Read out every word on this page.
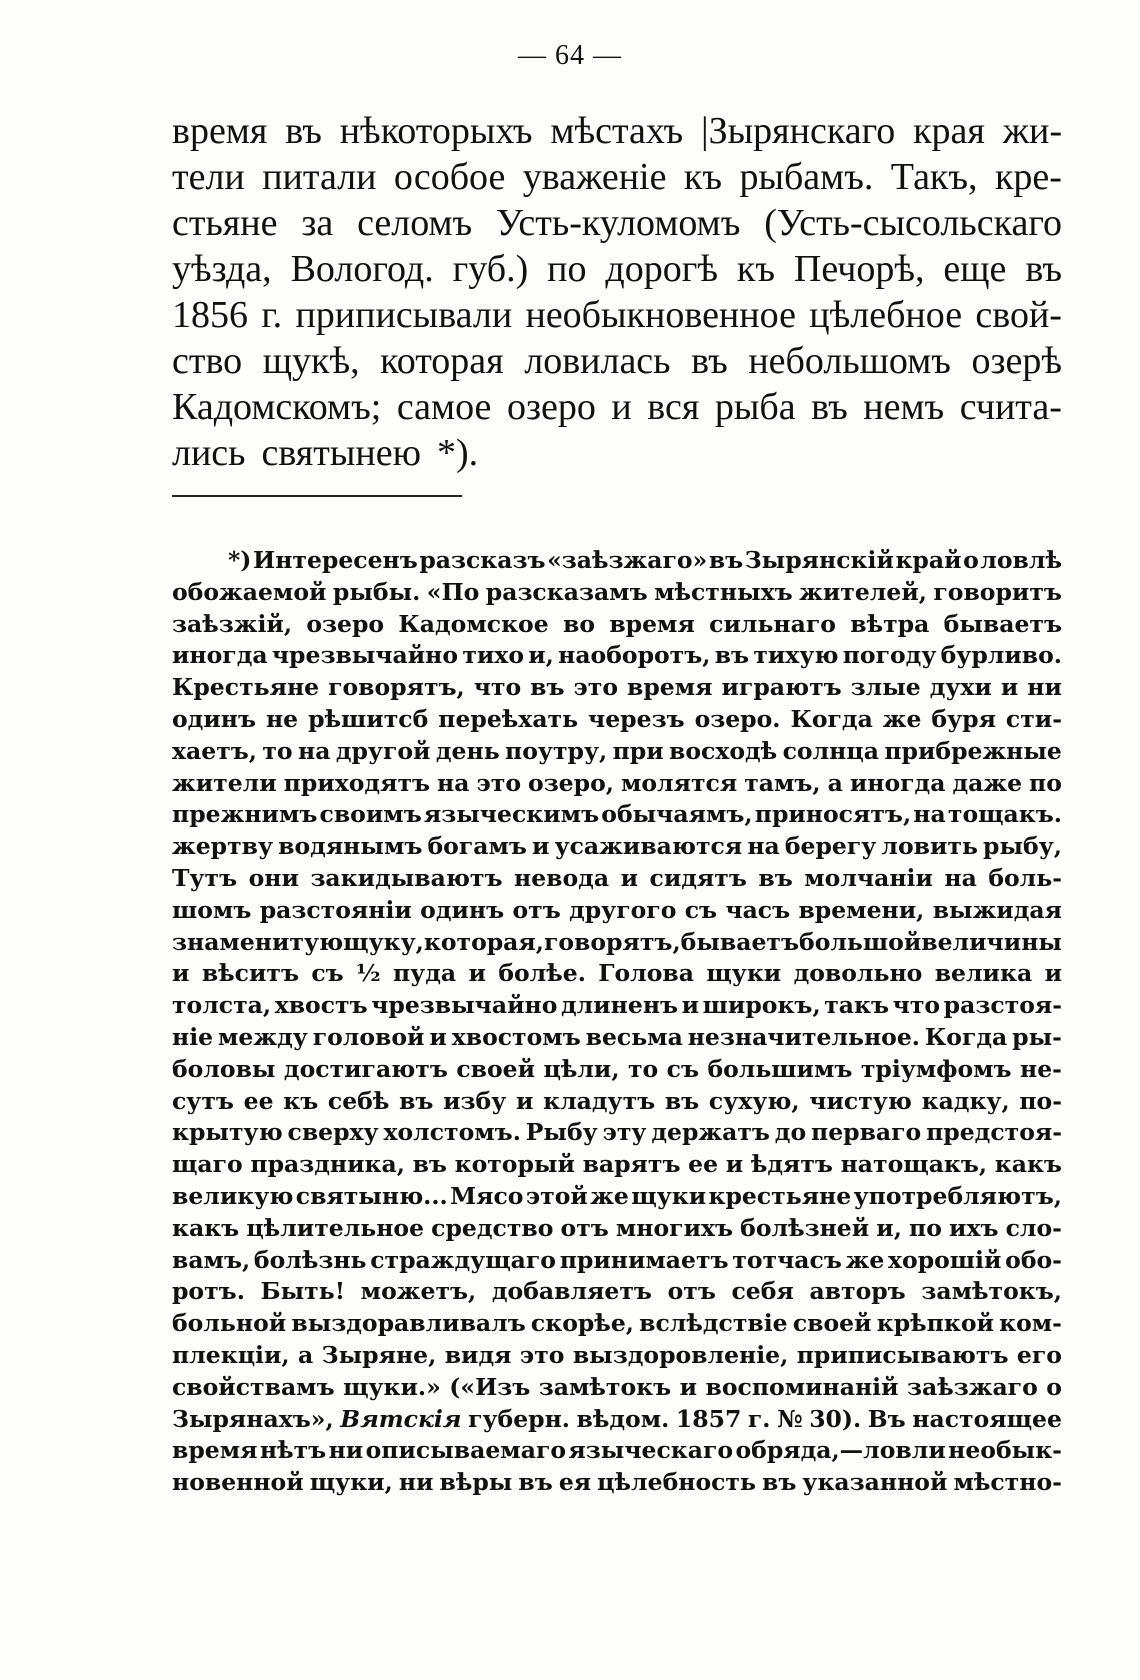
— 64 —
время въ нѣкоторыхъ мѣстахъ |Зырянскаго края жи-
тели питали особое уваженіе къ рыбамъ. Такъ, кре-
стьяне за селомъ Усть-куломомъ (Усть-сысольскаго
уѣзда, Вологод. губ.) по дорогѣ къ Печорѣ, еще въ
1856 г. приписывали необыкновенное цѣлебное свой-
ство щукѣ, которая ловилась въ небольшомъ озерѣ
Кадомскомъ; самое озеро и вся рыба въ немъ счита-
лись святынею *).
*) Интересенъ разсказъ «заѣзжаго» въ Зырянскій край о ловлѣ
обожаемой рыбы. «По разсказамъ мѣстныхъ жителей, говоритъ
заѣзжій, озеро Кадомское во время сильнаго вѣтра бываетъ
иногда чрезвычайно тихо и, наоборотъ, въ тихую погоду бурливо.
Крестьяне говорятъ, что въ это время играютъ злые духи и ни
одинъ не рѣшитсб переѣхать черезъ озеро. Когда же буря сти-
хаетъ, то на другой день поутру, при восходѣ солнца прибрежные
жители приходятъ на это озеро, молятся тамъ, а иногда даже по
прежнимъ своимъ языческимъ обычаямъ, приносятъ, на тощакъ.
жертву водянымъ богамъ и усаживаются на берегу ловить рыбу,
Тутъ они закидываютъ невода и сидятъ въ молчаніи на боль-
шомъ разстояніи одинъ отъ другого съ часъ времени, выжидая
знаменитую щуку, которая, говорятъ, бываетъ большой величины
и вѣситъ съ ½ пуда и болѣе. Голова щуки довольно велика и
толста, хвостъ чрезвычайно длиненъ и широкъ, такъ что разстоя-
ніе между головой и хвостомъ весьма незначительное. Когда ры-
боловы достигаютъ своей цѣли, то съ большимъ тріумфомъ не-
сутъ ее къ себѣ въ избу и кладутъ въ сухую, чистую кадку, по-
крытую сверху холстомъ. Рыбу эту держатъ до перваго предстоя-
щаго праздника, въ который варятъ ее и ѣдятъ натощакъ, какъ
великую святыню... Мясо этой же щуки крестьяне употребляютъ,
какъ цѣлительное средство отъ многихъ болѣзней и, по ихъ сло-
вамъ, болѣзнь страждущаго принимаетъ тотчасъ же хорошій обо-
ротъ. Быть! можетъ, добавляетъ отъ себя авторъ замѣтокъ,
больной выздоравливалъ скорѣе, вслѣдствіе своей крѣпкой ком-
плекціи, а Зыряне, видя это выздоровленіе, приписываютъ его
свойствамъ щуки.» («Изъ замѣтокъ и воспоминаній заѣзжаго о
Зырянахъ», Вятскія губерн. вѣдом. 1857 г. № 30). Въ настоящее
время нѣтъ ни описываемаго языческаго обряда,—ловли необык-
новенной щуки, ни вѣры въ ея цѣлебность въ указанной мѣстно-
